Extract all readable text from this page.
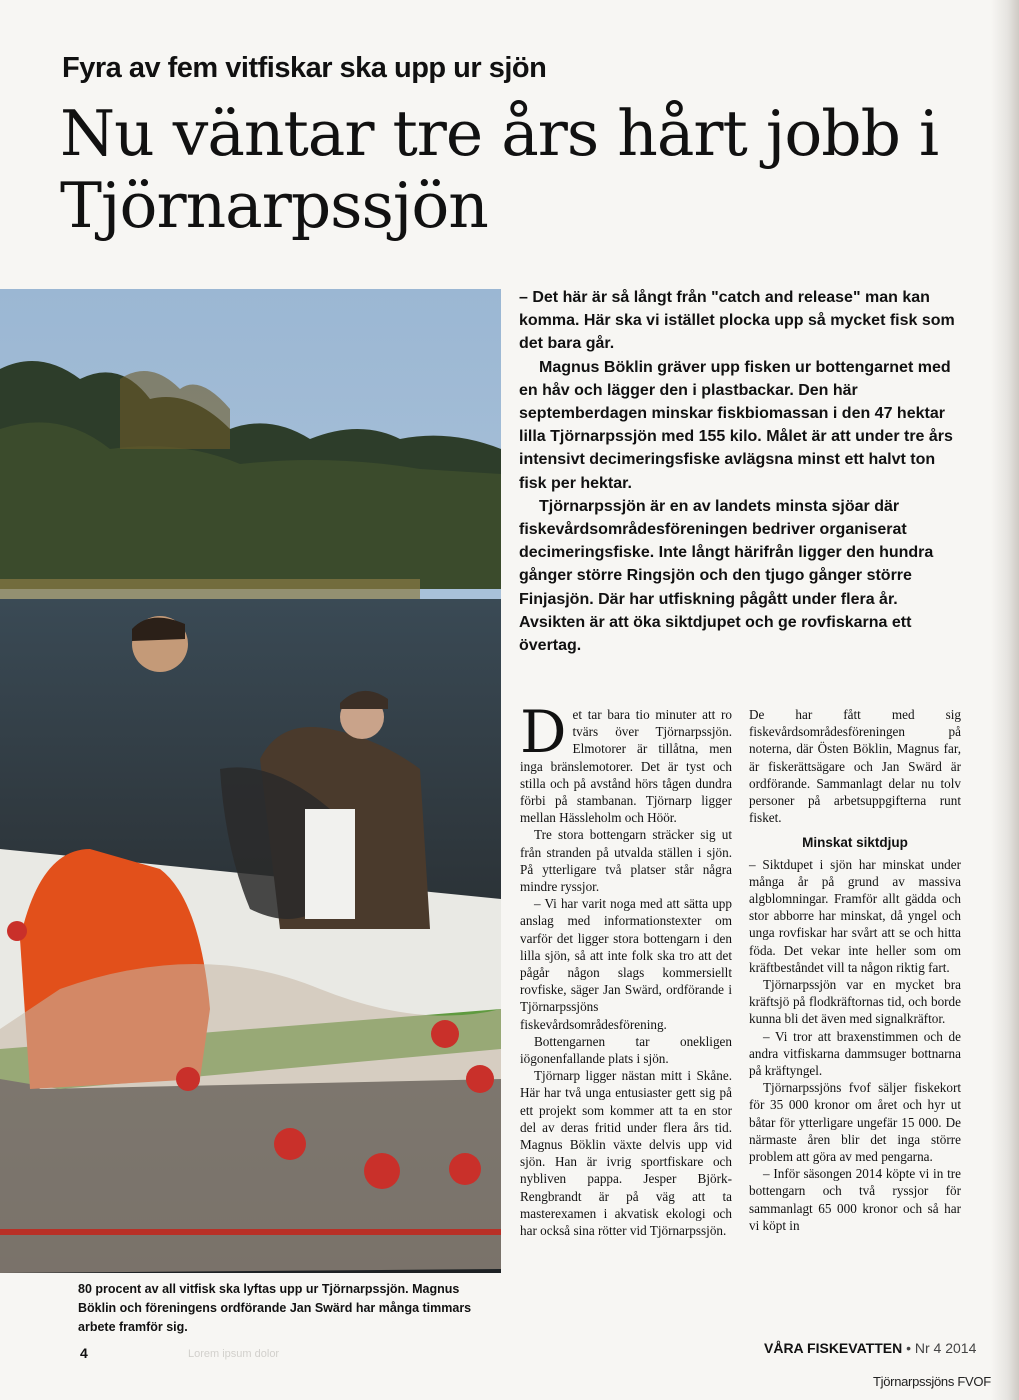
Fyra av fem vitfiskar ska upp ur sjön
Nu väntar tre års hårt jobb i Tjörnarpssjön
80 procent av all vitfisk ska lyftas upp ur Tjörnarpssjön. Magnus Böklin och föreningens ordförande Jan Swärd har många timmars arbete framför sig.

– Det här är så långt från "catch and release" man kan komma. Här ska vi istället plocka upp så mycket fisk som det bara går.

Magnus Böklin gräver upp fisken ur bottengarnet med en håv och lägger den i plastbackar. Den här septemberdagen minskar fiskbiomassan i den 47 hektar lilla Tjörnarpssjön med 155 kilo. Målet är att under tre års intensivt decimeringsfiske avlägsna minst ett halvt ton fisk per hektar.

Tjörnarpssjön är en av landets minsta sjöar där fiskevårdsområdesföreningen bedriver organiserat decimeringsfiske. Inte långt härifrån ligger den hundra gånger större Ringsjön och den tjugo gånger större Finjasjön. Där har utfiskning pågått under flera år. Avsikten är att öka siktdjupet och ge rovfiskarna ett övertag.

Det tar bara tio minuter att ro tvärs över Tjörnarpssjön. Elmotorer är tillåtna, men inga bränslemotorer. Det är tyst och stilla och på avstånd hörs tågen dundra förbi på stambanan. Tjörnarp ligger mellan Hässleholm och Höör.

Tre stora bottengarn sträcker sig ut från stranden på utvalda ställen i sjön. På ytterligare två platser står några mindre ryssjor.

– Vi har varit noga med att sätta upp anslag med informationstexter om varför det ligger stora bottengarn i den lilla sjön, så att inte folk ska tro att det pågår någon slags kommersiellt rovfiske, säger Jan Swärd, ordförande i Tjörnarpssjöns fiskevårdsområdesförening.

Bottengarnen tar onekligen iögonenfallande plats i sjön.

Tjörnarp ligger nästan mitt i Skåne. Här har två unga entusiaster gett sig på ett projekt som kommer att ta en stor del av deras fritid under flera års tid. Magnus Böklin växte delvis upp vid sjön. Han är ivrig sportfiskare och nybliven pappa. Jesper Björk-Rengbrandt är på väg att ta masterexamen i akvatisk ekologi och har också sina rötter vid Tjörnarpssjön.

De har fått med sig fiskevårdsområdesföreningen på noterna, där Östen Böklin, Magnus far, är fiskerättsägare och Jan Swärd är ordförande. Sammanlagt delar nu tolv personer på arbetsuppgifterna runt fisket.

Minskat siktdjup

– Siktdupet i sjön har minskat under många år på grund av massiva algblomningar. Framför allt gädda och stor abborre har minskat, då yngel och unga rovfiskar har svårt att se och hitta föda. Det vekar inte heller som om kräftbeståndet vill ta någon riktig fart.

Tjörnarpssjön var en mycket bra kräftsjö på flodkräftornas tid, och borde kunna bli det även med signalkräftor.

– Vi tror att braxenstimmen och de andra vitfiskarna dammsuger bottnarna på kräftyngel.

Tjörnarpssjöns fvof säljer fiskekort för 35 000 kronor om året och hyr ut båtar för ytterligare ungefär 15 000. De närmaste åren blir det inga större problem att göra av med pengarna.

– Inför säsongen 2014 köpte vi in tre bottengarn och två ryssjor för sammanlagt 65 000 kronor och så har vi köpt in

4	Lorem ipsum dolor	VÅRA FISKEVATTEN • Nr 4 2014
Tjörnarpssjöns FVOF
